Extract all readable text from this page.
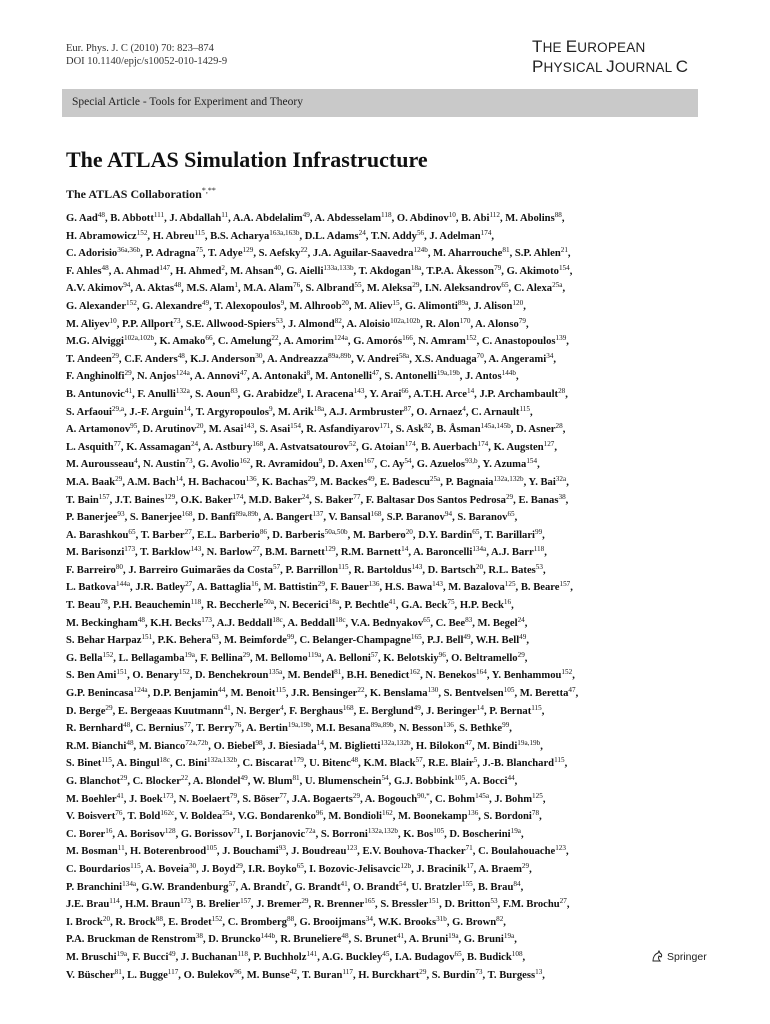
Eur. Phys. J. C (2010) 70: 823–874
DOI 10.1140/epjc/s10052-010-1429-9
THE EUROPEAN
PHYSICAL JOURNAL C
Special Article - Tools for Experiment and Theory
The ATLAS Simulation Infrastructure
The ATLAS Collaboration*,**
G. Aad$^{48}$, B. Abbott$^{111}$, J. Abdallah$^{11}$, A.A. Abdelalim$^{49}$, A. Abdesselam$^{118}$, O. Abdinov$^{10}$, B. Abi$^{112}$, M. Abolins$^{88}$,
H. Abramowicz$^{152}$, H. Abreu$^{115}$, B.S. Acharya$^{163a,163b}$, D.L. Adams$^{24}$, T.N. Addy$^{56}$, J. Adelman$^{174}$,
C. Adorisio$^{36a,36b}$, P. Adragna$^{75}$, T. Adye$^{129}$, S. Aefsky$^{22}$, J.A. Aguilar-Saavedra$^{124b}$, M. Aharrouche$^{81}$, S.P. Ahlen$^{21}$,
F. Ahles$^{48}$, A. Ahmad$^{147}$, H. Ahmed$^2$, M. Ahsan$^{40}$, G. Aielli$^{133a,133b}$, T. Akdogan$^{18a}$, T.P.A. Åkesson$^{79}$, G. Akimoto$^{154}$,
A.V. Akimov$^{94}$, A. Aktas$^{48}$, M.S. Alam$^1$, M.A. Alam$^{76}$, S. Albrand$^{55}$, M. Aleksa$^{29}$, I.N. Aleksandrov$^{65}$, C. Alexa$^{25a}$,
G. Alexander$^{152}$, G. Alexandre$^{49}$, T. Alexopoulos$^9$, M. Alhroob$^{20}$, M. Aliev$^{15}$, G. Alimonti$^{89a}$, J. Alison$^{120}$,
M. Aliyev$^{10}$, P.P. Allport$^{73}$, S.E. Allwood-Spiers$^{53}$, J. Almond$^{82}$, A. Aloisio$^{102a,102b}$, R. Alon$^{170}$, A. Alonso$^{79}$,
M.G. Alviggi$^{102a,102b}$, K. Amako$^{66}$, C. Amelung$^{22}$, A. Amorim$^{124a}$, G. Amorós$^{166}$, N. Amram$^{152}$, C. Anastopoulos$^{139}$,
T. Andeen$^{29}$, C.F. Anders$^{48}$, K.J. Anderson$^{30}$, A. Andreazza$^{89a,89b}$, V. Andrei$^{58a}$, X.S. Anduaga$^{70}$, A. Angerami$^{34}$,
F. Anghinolfi$^{29}$, N. Anjos$^{124a}$, A. Annovi$^{47}$, A. Antonaki$^8$, M. Antonelli$^{47}$, S. Antonelli$^{19a,19b}$, J. Antos$^{144b}$,
B. Antunovic$^{41}$, F. Anulli$^{132a}$, S. Aoun$^{83}$, G. Arabidze$^8$, I. Aracena$^{143}$, Y. Arai$^{66}$, A.T.H. Arce$^{14}$, J.P. Archambault$^{28}$,
S. Arfaoui$^{29,a}$, J.-F. Arguin$^{14}$, T. Argyropoulos$^9$, M. Arik$^{18a}$, A.J. Armbruster$^{87}$, O. Arnaez$^4$, C. Arnault$^{115}$,
A. Artamonov$^{95}$, D. Arutinov$^{20}$, M. Asai$^{143}$, S. Asai$^{154}$, R. Asfandiyarov$^{171}$, S. Ask$^{82}$, B. Åsman$^{145a,145b}$, D. Asner$^{28}$,
L. Asquith$^{77}$, K. Assamagan$^{24}$, A. Astbury$^{168}$, A. Astvatsatourov$^{52}$, G. Atoian$^{174}$, B. Auerbach$^{174}$, K. Augsten$^{127}$,
M. Aurousseau$^4$, N. Austin$^{73}$, G. Avolio$^{162}$, R. Avramidou$^9$, D. Axen$^{167}$, C. Ay$^{54}$, G. Azuelos$^{93,b}$, Y. Azuma$^{154}$,
M.A. Baak$^{29}$, A.M. Bach$^{14}$, H. Bachacou$^{136}$, K. Bachas$^{29}$, M. Backes$^{49}$, E. Badescu$^{25a}$, P. Bagnaia$^{132a,132b}$, Y. Bai$^{32a}$,
T. Bain$^{157}$, J.T. Baines$^{129}$, O.K. Baker$^{174}$, M.D. Baker$^{24}$, S. Baker$^{77}$, F. Baltasar Dos Santos Pedrosa$^{29}$, E. Banas$^{38}$,
P. Banerjee$^{93}$, S. Banerjee$^{168}$, D. Banfi$^{89a,89b}$, A. Bangert$^{137}$, V. Bansal$^{168}$, S.P. Baranov$^{94}$, S. Baranov$^{65}$,
A. Barashkou$^{65}$, T. Barber$^{27}$, E.L. Barberio$^{86}$, D. Barberis$^{50a,50b}$, M. Barbero$^{20}$, D.Y. Bardin$^{65}$, T. Barillari$^{99}$,
M. Barisonzi$^{173}$, T. Barklow$^{143}$, N. Barlow$^{27}$, B.M. Barnett$^{129}$, R.M. Barnett$^{14}$, A. Baroncelli$^{134a}$, A.J. Barr$^{118}$,
F. Barreiro$^{80}$, J. Barreiro Guimarães da Costa$^{57}$, P. Barrillon$^{115}$, R. Bartoldus$^{143}$, D. Bartsch$^{20}$, R.L. Bates$^{53}$,
L. Batkova$^{144a}$, J.R. Batley$^{27}$, A. Battaglia$^{16}$, M. Battistin$^{29}$, F. Bauer$^{136}$, H.S. Bawa$^{143}$, M. Bazalova$^{125}$, B. Beare$^{157}$,
T. Beau$^{78}$, P.H. Beauchemin$^{118}$, R. Beccherle$^{50a}$, N. Becerici$^{18a}$, P. Bechtle$^{41}$, G.A. Beck$^{75}$, H.P. Beck$^{16}$,
M. Beckingham$^{48}$, K.H. Becks$^{173}$, A.J. Beddall$^{18c}$, A. Beddall$^{18c}$, V.A. Bednyakov$^{65}$, C. Bee$^{83}$, M. Begel$^{24}$,
S. Behar Harpaz$^{151}$, P.K. Behera$^{63}$, M. Beimforde$^{99}$, C. Belanger-Champagne$^{165}$, P.J. Bell$^{49}$, W.H. Bell$^{49}$,
G. Bella$^{152}$, L. Bellagamba$^{19a}$, F. Bellina$^{29}$, M. Bellomo$^{119a}$, A. Belloni$^{57}$, K. Belotskiy$^{96}$, O. Beltramello$^{29}$,
S. Ben Ami$^{151}$, O. Benary$^{152}$, D. Benchekroun$^{135a}$, M. Bendel$^{81}$, B.H. Benedict$^{162}$, N. Benekos$^{164}$, Y. Benhammou$^{152}$,
G.P. Benincasa$^{124a}$, D.P. Benjamin$^{44}$, M. Benoit$^{115}$, J.R. Bensinger$^{22}$, K. Benslama$^{130}$, S. Bentvelsen$^{105}$, M. Beretta$^{47}$,
D. Berge$^{29}$, E. Bergeaas Kuutmann$^{41}$, N. Berger$^4$, F. Berghaus$^{168}$, E. Berglund$^{49}$, J. Beringer$^{14}$, P. Bernat$^{115}$,
R. Bernhard$^{48}$, C. Bernius$^{77}$, T. Berry$^{76}$, A. Bertin$^{19a,19b}$, M.I. Besana$^{89a,89b}$, N. Besson$^{136}$, S. Bethke$^{99}$,
R.M. Bianchi$^{48}$, M. Bianco$^{72a,72b}$, O. Biebel$^{98}$, J. Biesiada$^{14}$, M. Biglietti$^{132a,132b}$, H. Bilokon$^{47}$, M. Bindi$^{19a,19b}$,
S. Binet$^{115}$, A. Bingul$^{18c}$, C. Bini$^{132a,132b}$, C. Biscarat$^{179}$, U. Bitenc$^{48}$, K.M. Black$^{57}$, R.E. Blair$^5$, J.-B. Blanchard$^{115}$,
G. Blanchot$^{29}$, C. Blocker$^{22}$, A. Blondel$^{49}$, W. Blum$^{81}$, U. Blumenschein$^{54}$, G.J. Bobbink$^{105}$, A. Bocci$^{44}$,
M. Boehler$^{41}$, J. Boek$^{173}$, N. Boelaert$^{79}$, S. Böser$^{77}$, J.A. Bogaerts$^{29}$, A. Bogouch$^{90,*}$, C. Bohm$^{145a}$, J. Bohm$^{125}$,
V. Boisvert$^{76}$, T. Bold$^{162c}$, V. Boldea$^{25a}$, V.G. Bondarenko$^{96}$, M. Bondioli$^{162}$, M. Boonekamp$^{136}$, S. Bordoni$^{78}$,
C. Borer$^{16}$, A. Borisov$^{128}$, G. Borissov$^{71}$, I. Borjanovic$^{72a}$, S. Borroni$^{132a,132b}$, K. Bos$^{105}$, D. Boscherini$^{19a}$,
M. Bosman$^{11}$, H. Boterenbrood$^{105}$, J. Bouchami$^{93}$, J. Boudreau$^{123}$, E.V. Bouhova-Thacker$^{71}$, C. Boulahouache$^{123}$,
C. Bourdarios$^{115}$, A. Boveia$^{30}$, J. Boyd$^{29}$, I.R. Boyko$^{65}$, I. Bozovic-Jelisavcic$^{12b}$, J. Bracinik$^{17}$, A. Braem$^{29}$,
P. Branchini$^{134a}$, G.W. Brandenburg$^{57}$, A. Brandt$^7$, G. Brandt$^{41}$, O. Brandt$^{54}$, U. Bratzler$^{155}$, B. Brau$^{84}$,
J.E. Brau$^{114}$, H.M. Braun$^{173}$, B. Brelier$^{157}$, J. Bremer$^{29}$, R. Brenner$^{165}$, S. Bressler$^{151}$, D. Britton$^{53}$, F.M. Brochu$^{27}$,
I. Brock$^{20}$, R. Brock$^{88}$, E. Brodet$^{152}$, C. Bromberg$^{88}$, G. Brooijmans$^{34}$, W.K. Brooks$^{31b}$, G. Brown$^{82}$,
P.A. Bruckman de Renstrom$^{38}$, D. Bruncko$^{144b}$, R. Bruneliere$^{48}$, S. Brunet$^{41}$, A. Bruni$^{19a}$, G. Bruni$^{19a}$,
M. Bruschi$^{19a}$, F. Bucci$^{49}$, J. Buchanan$^{118}$, P. Buchholz$^{141}$, A.G. Buckley$^{45}$, I.A. Budagov$^{65}$, B. Budick$^{108}$,
V. Büscher$^{81}$, L. Bugge$^{117}$, O. Bulekov$^{96}$, M. Bunse$^{42}$, T. Buran$^{117}$, H. Burckhart$^{29}$, S. Burdin$^{73}$, T. Burgess$^{13}$,
Springer
